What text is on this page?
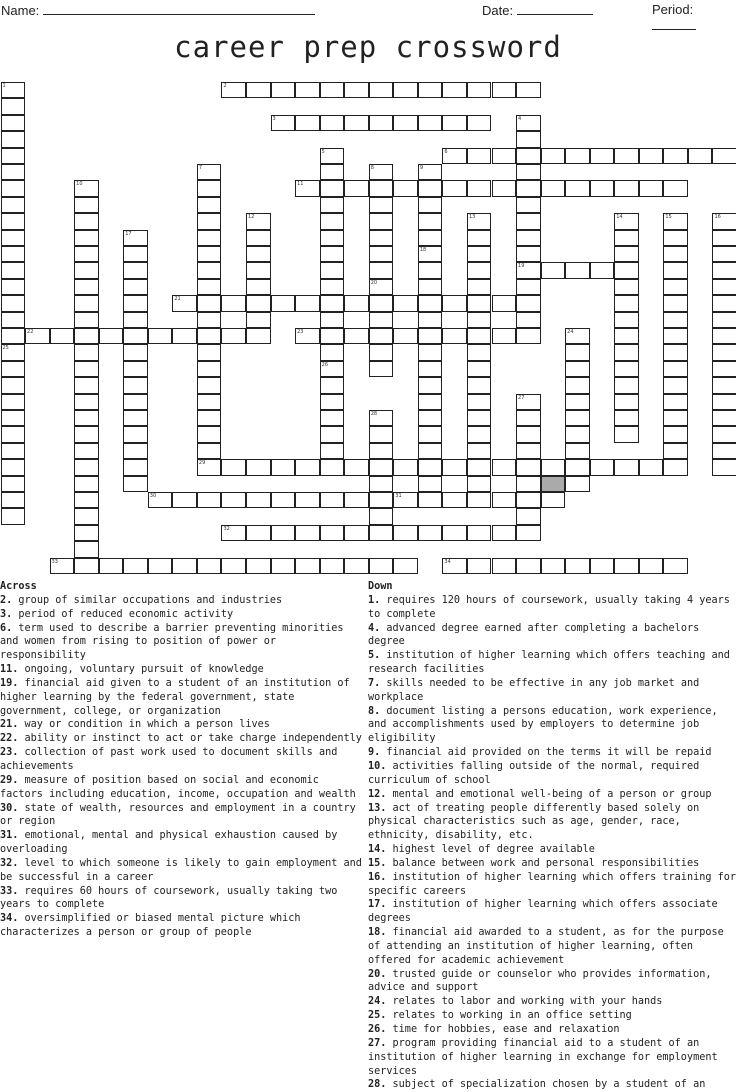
Name:	Date:	Period:
career prep crossword
1
25
2
3	4
19
5
26
6
7
29
8
20
9
10	11
12	13	14	15	16
17
18
21
22	23	24
27
28
30	31
32
33	34
Across
2. group of similar occupations and industries
3. period of reduced economic activity
6. term used to describe a barrier preventing minorities and women from rising to position of power or responsibility
11. ongoing, voluntary pursuit of knowledge
19. financial aid given to a student of an institution of higher learning by the federal government, state government, college, or organization
21. way or condition in which a person lives
22. ability or instinct to act or take charge independently
23. collection of past work used to document skills and achievements
29. measure of position based on social and economic factors including education, income, occupation and wealth
30. state of wealth, resources and employment in a country or region
31. emotional, mental and physical exhaustion caused by overloading
32. level to which someone is likely to gain employment and be successful in a career
33. requires 60 hours of coursework, usually taking two years to complete
34. oversimplified or biased mental picture which characterizes a person or group of people
Down
1. requires 120 hours of coursework, usually taking 4 years to complete
4. advanced degree earned after completing a bachelors degree
5. institution of higher learning which offers teaching and research facilities
7. skills needed to be effective in any job market and workplace
8. document listing a persons education, work experience, and accomplishments used by employers to determine job eligibility
9. financial aid provided on the terms it will be repaid
10. activities falling outside of the normal, required curriculum of school
12. mental and emotional well-being of a person or group
13. act of treating people differently based solely on physical characteristics such as age, gender, race, ethnicity, disability, etc.
14. highest level of degree available
15. balance between work and personal responsibilities
16. institution of higher learning which offers training for specific careers
17. institution of higher learning which offers associate degrees
18. financial aid awarded to a student, as for the purpose of attending an institution of higher learning, often offered for academic achievement
20. trusted guide or counselor who provides information, advice and support
24. relates to labor and working with your hands
25. relates to working in an office setting
26. time for hobbies, ease and relaxation
27. program providing financial aid to a student of an institution of higher learning in exchange for employment services
28. subject of specialization chosen by a student of an
